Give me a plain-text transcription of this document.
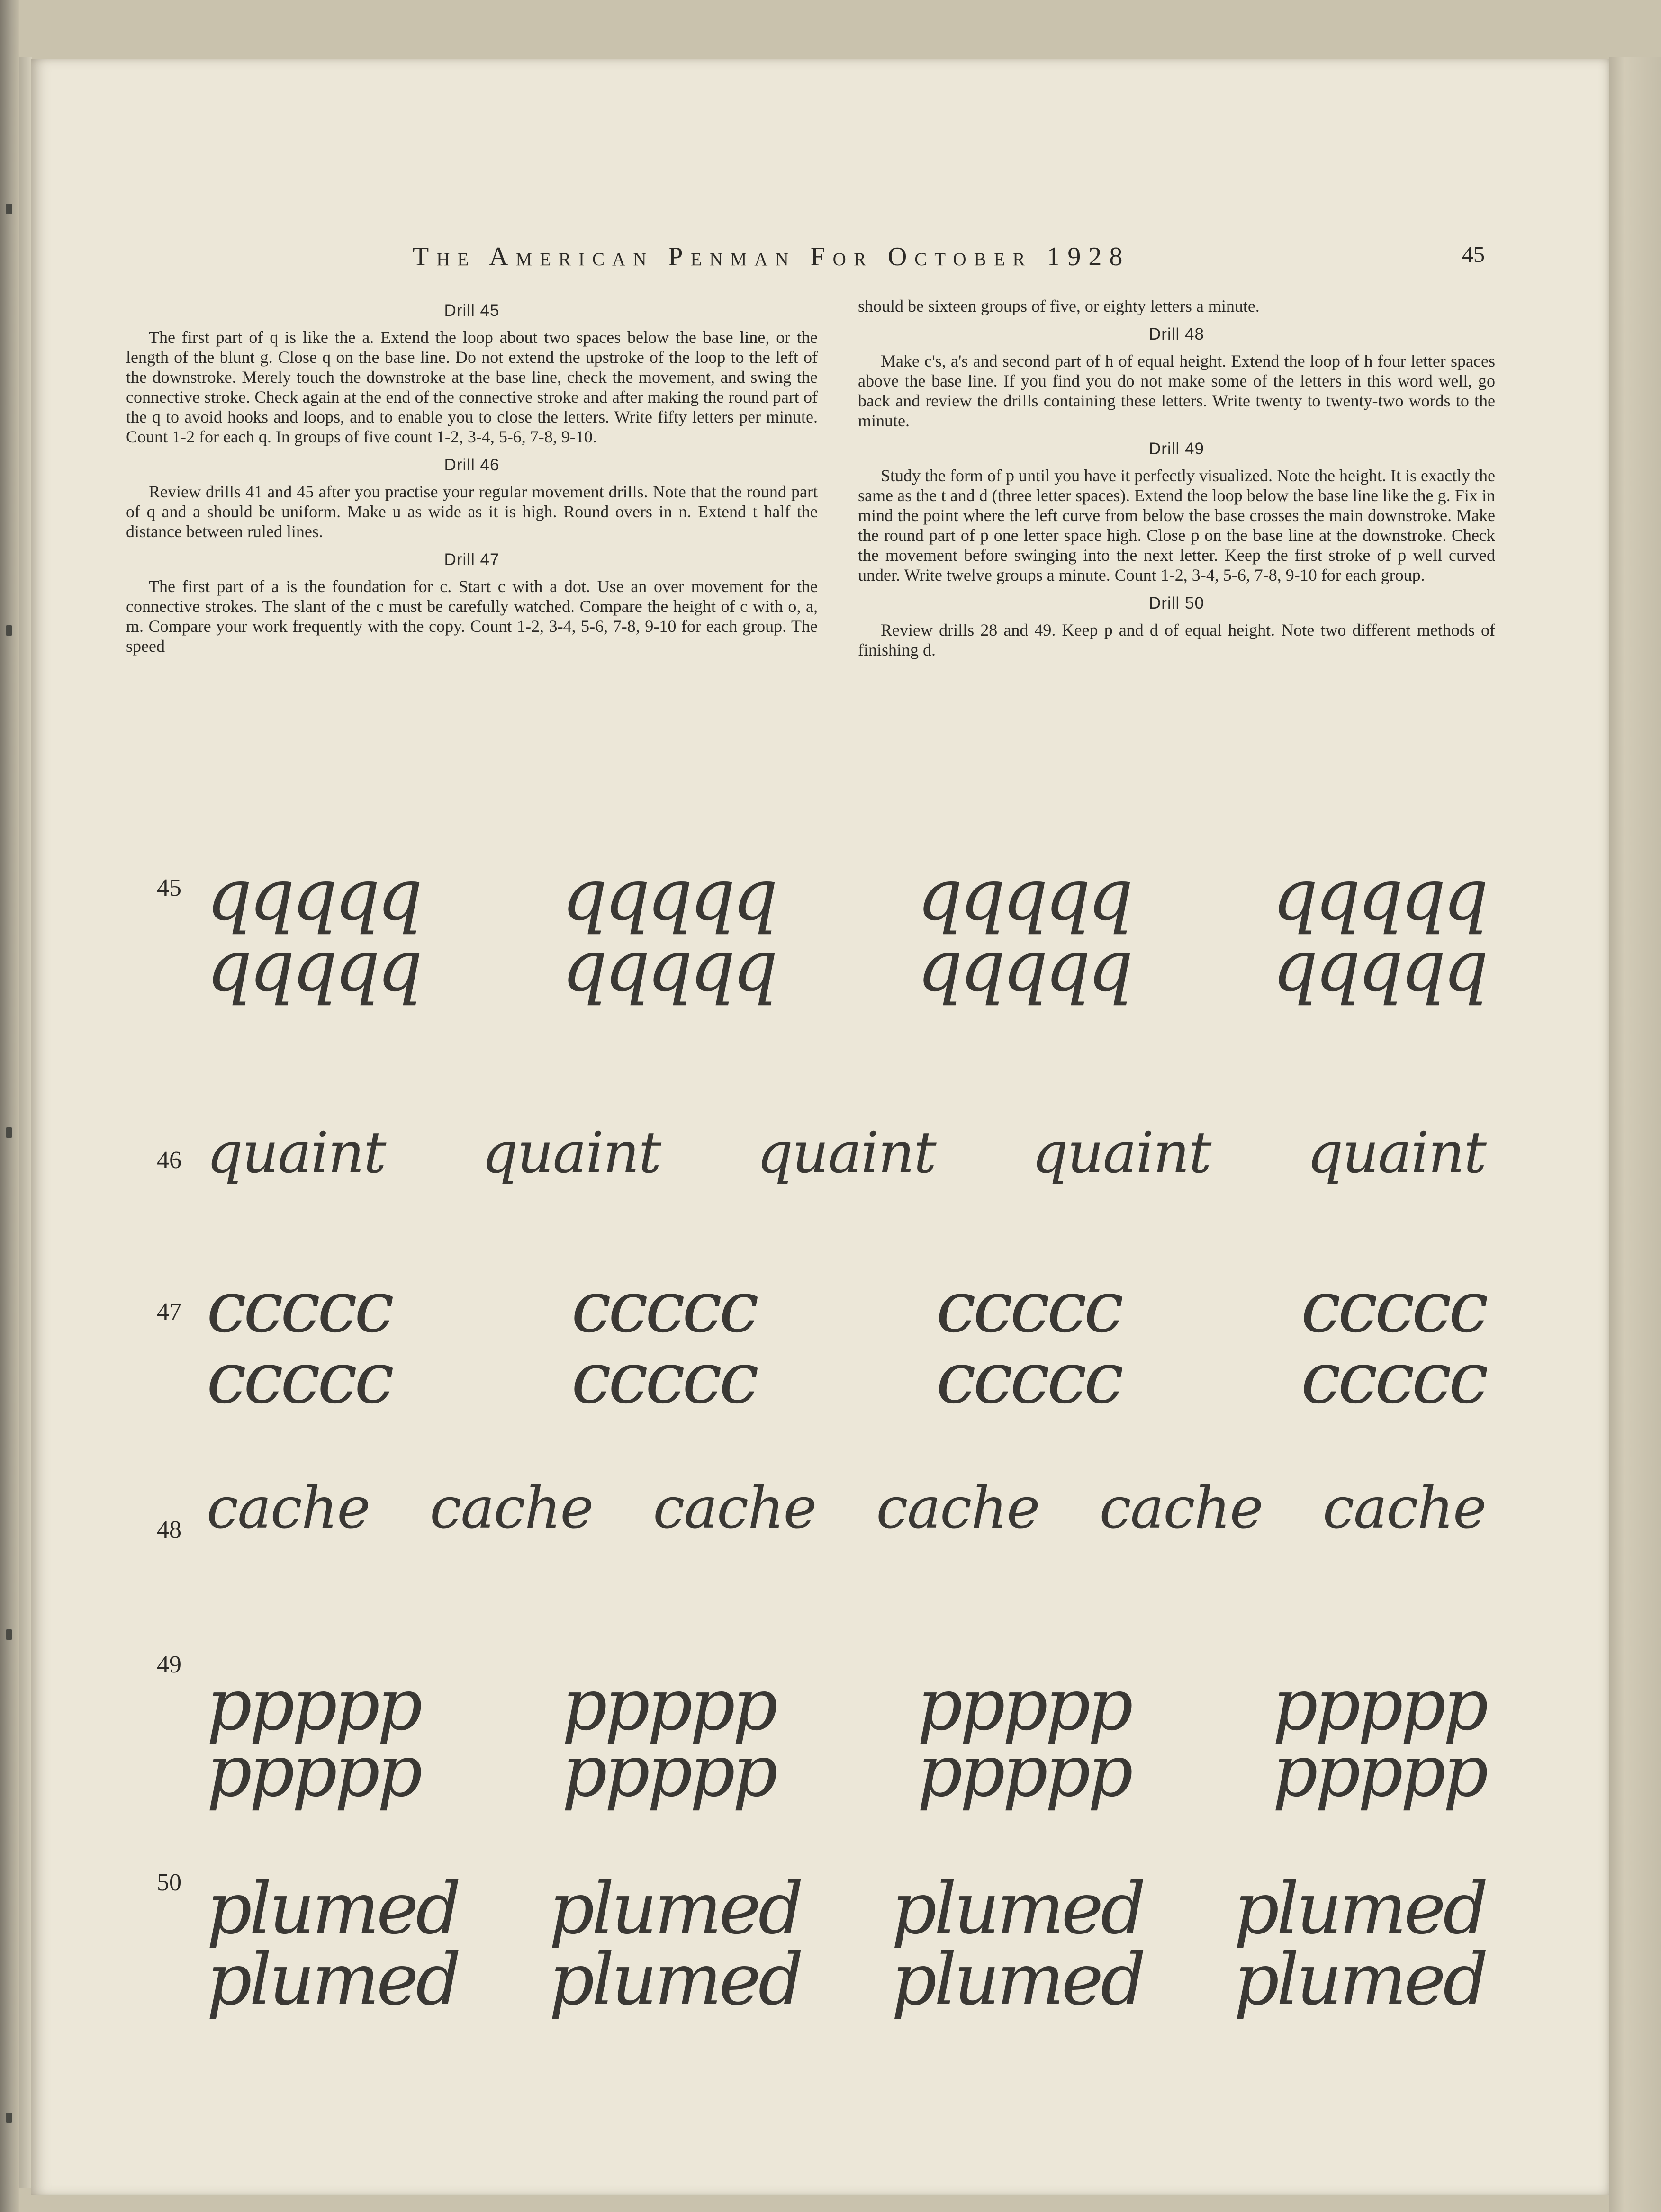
The American Penman For October 1928	45
Drill 45

The first part of q is like the a. Extend the loop about two spaces below the base line, or the length of the blunt g. Close q on the base line. Do not extend the upstroke of the loop to the left of the downstroke. Merely touch the downstroke at the base line, check the movement, and swing the connective stroke. Check again at the end of the connective stroke and after making the round part of the q to avoid hooks and loops, and to enable you to close the letters. Write fifty letters per minute. Count 1-2 for each q. In groups of five count 1-2, 3-4, 5-6, 7-8, 9-10.

Drill 46

Review drills 41 and 45 after you practise your regular movement drills. Note that the round part of q and a should be uniform. Make u as wide as it is high. Round overs in n. Extend t half the distance between ruled lines.

Drill 47

The first part of a is the foundation for c. Start c with a dot. Use an over movement for the connective strokes. The slant of the c must be carefully watched. Compare the height of c with o, a, m. Compare your work frequently with the copy. Count 1-2, 3-4, 5-6, 7-8, 9-10 for each group. The speed

should be sixteen groups of five, or eighty letters a minute.

Drill 48

Make c's, a's and second part of h of equal height. Extend the loop of h four letter spaces above the base line. If you find you do not make some of the letters in this word well, go back and review the drills containing these letters. Write twenty to twenty-two words to the minute.

Drill 49

Study the form of p until you have it perfectly visualized. Note the height. It is exactly the same as the t and d (three letter spaces). Extend the loop below the base line like the g. Fix in mind the point where the left curve from below the base crosses the main downstroke. Make the round part of p one letter space high. Close p on the base line at the downstroke. Check the movement before swinging into the next letter. Keep the first stroke of p well curved under. Write twelve groups a minute. Count 1-2, 3-4, 5-6, 7-8, 9-10 for each group.

Drill 50

Review drills 28 and 49. Keep p and d of equal height. Note two different methods of finishing d.

45 qqqqq qqqqq qqqqq qqqqq
qqqqq qqqqq qqqqq qqqqq
46 quaint quaint quaint quaint quaint
47 ccccc	ccccc	ccccc	ccccc
ccccc	ccccc	ccccc	ccccc
48 cache cache cache cache cache cache
49 ppppp ppppp ppppp ppppp
ppppp ppppp ppppp ppppp
50 plumed plumed plumed plumed
plumed plumed plumed plumed
